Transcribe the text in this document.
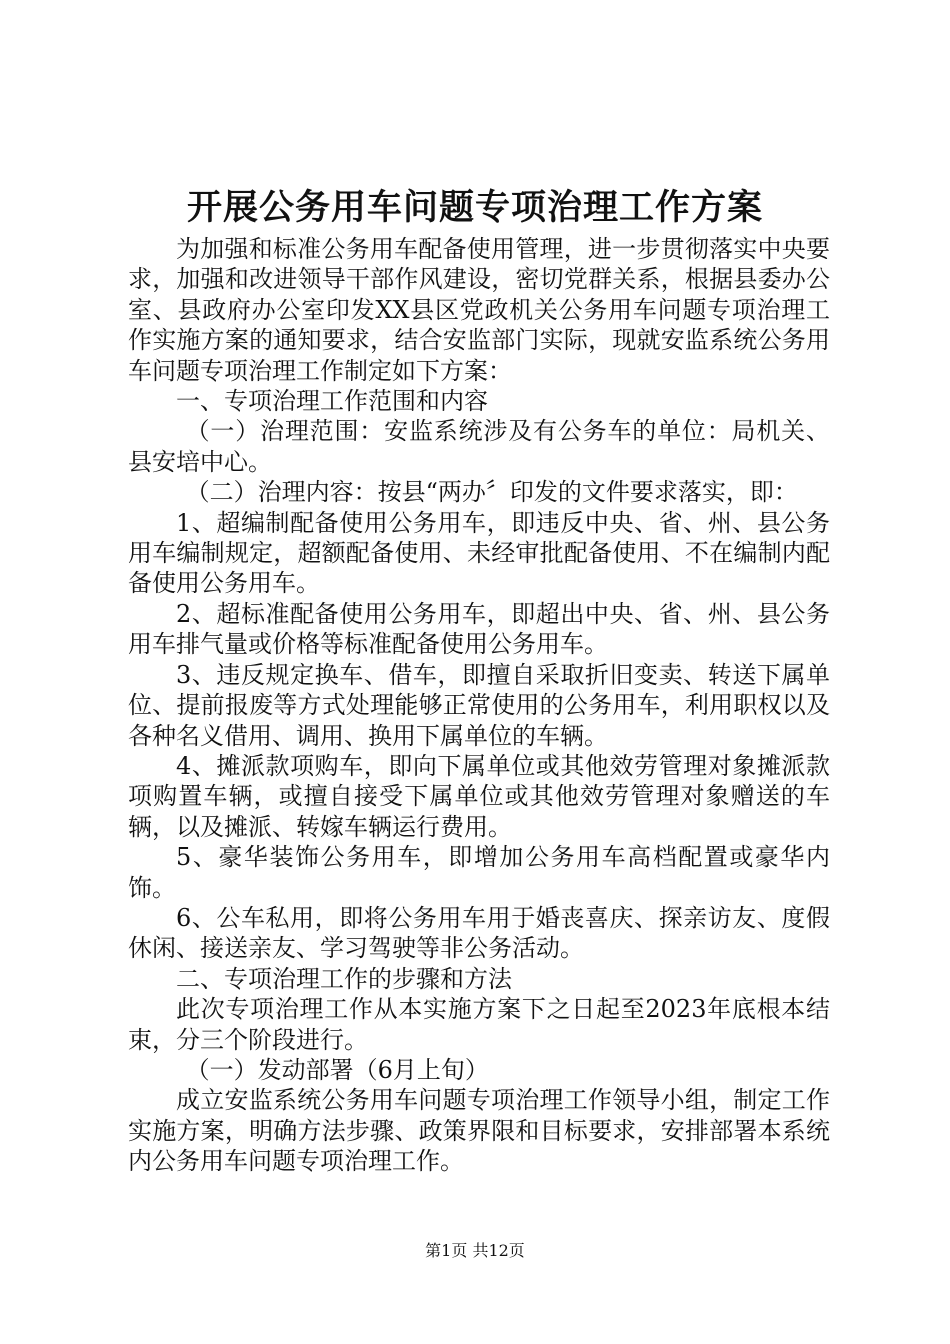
开展公务用车问题专项治理工作方案

为加强和标准公务用车配备使用管理，进一步贯彻落实中央要求，加强和改进领导干部作风建设，密切党群关系，根据县委办公室、县政府办公室印发XX县区党政机关公务用车问题专项治理工作实施方案的通知要求，结合安监部门实际，现就安监系统公务用车问题专项治理工作制定如下方案：

一、专项治理工作范围和内容

（一）治理范围：安监系统涉及有公务车的单位：局机关、县安培中心。

（二）治理内容：按县“两办〞印发的文件要求落实，即：

1、超编制配备使用公务用车，即违反中央、省、州、县公务用车编制规定，超额配备使用、未经审批配备使用、不在编制内配备使用公务用车。

2、超标准配备使用公务用车，即超出中央、省、州、县公务用车排气量或价格等标准配备使用公务用车。

3、违反规定换车、借车，即擅自采取折旧变卖、转送下属单位、提前报废等方式处理能够正常使用的公务用车，利用职权以及各种名义借用、调用、换用下属单位的车辆。

4、摊派款项购车，即向下属单位或其他效劳管理对象摊派款项购置车辆，或擅自接受下属单位或其他效劳管理对象赠送的车辆，以及摊派、转嫁车辆运行费用。

5、豪华装饰公务用车，即增加公务用车高档配置或豪华内饰。

6、公车私用，即将公务用车用于婚丧喜庆、探亲访友、度假休闲、接送亲友、学习驾驶等非公务活动。

二、专项治理工作的步骤和方法

此次专项治理工作从本实施方案下之日起至2023年底根本结束，分三个阶段进行。

（一）发动部署（6月上旬）

成立安监系统公务用车问题专项治理工作领导小组，制定工作实施方案，明确方法步骤、政策界限和目标要求，安排部署本系统内公务用车问题专项治理工作。

第1页 共12页
